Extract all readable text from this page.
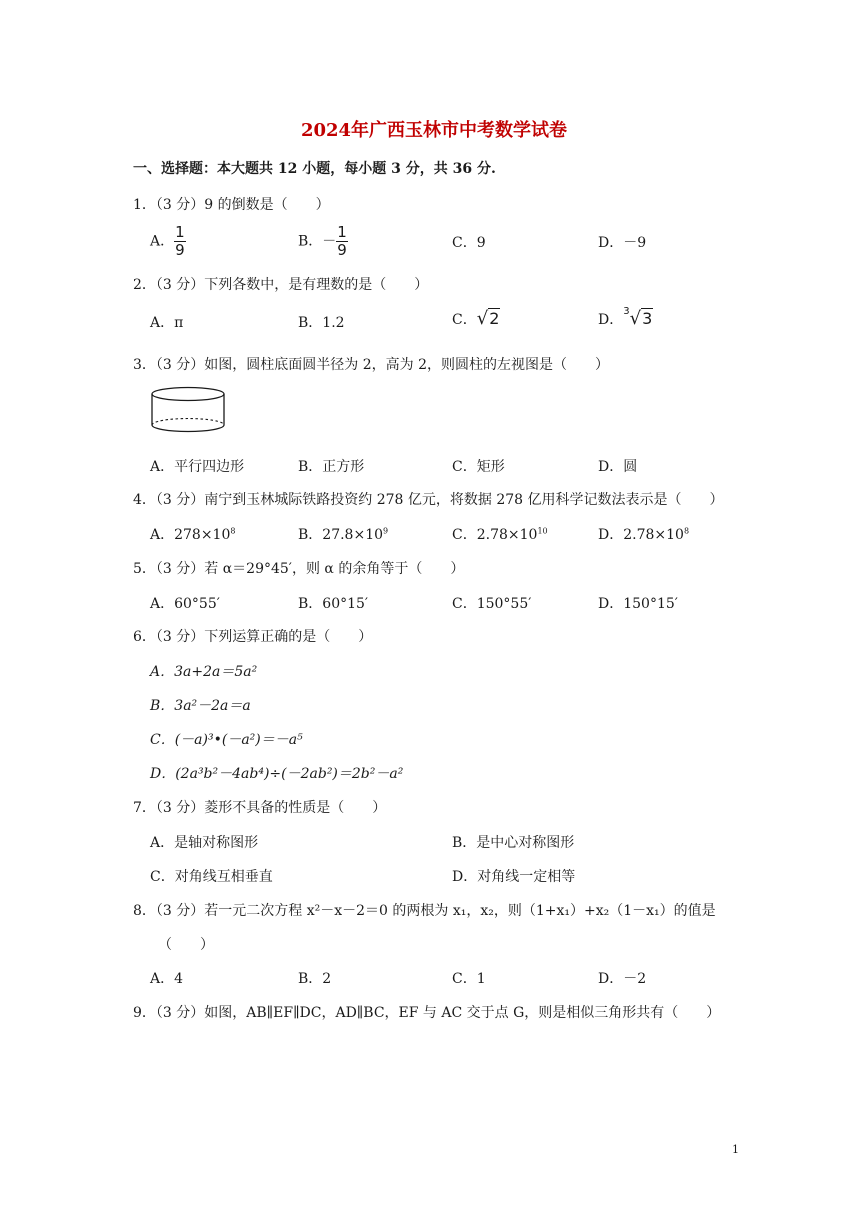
2024年广西玉林市中考数学试卷
一、选择题：本大题共 12 小题，每小题 3 分，共 36 分.
1．（3 分）9 的倒数是（　　）
A． $\frac{1}{9}$	B．－ $\frac{1}{9}$	C．9	D．－9
2．（3 分）下列各数中，是有理数的是（　　）
A．π	B．1.2	C．√2	D．$^3$√3
3．（3 分）如图，圆柱底面圆半径为 2，高为 2，则圆柱的左视图是（　　）
A．平行四边形	B．正方形	C．矩形	D．圆
4．（3 分）南宁到玉林城际铁路投资约 278 亿元，将数据 278 亿用科学记数法表示是（　　）
A．$278\times 10^8$	B．$27.8\times 10^9$	C．$2.78\times 10^{10}$	D．$2.78\times 10^8$
5．（3 分）若 α＝29°45′，则 α 的余角等于（　　）
A．60°55′	B．60°15′	C．150°55′	D．150°15′
6．（3 分）下列运算正确的是（　　）
A．3a+2a＝5a²
B．3a²－2a＝a
C．(－a)³•(－a²)＝－a⁵
D．(2a³b²－4ab⁴)÷(－2ab²)＝2b²－a²
7．（3 分）菱形不具备的性质是（　　）
A．是轴对称图形	B．是中心对称图形
C．对角线互相垂直	D．对角线一定相等
8．（3 分）若一元二次方程 x²－x－2＝0 的两根为 x₁，x₂，则（1+x₁）+x₂（1－x₁）的值是
（　　）
A．4	B．2	C．1	D．－2
9．（3 分）如图，AB∥EF∥DC，AD∥BC，EF 与 AC 交于点 G，则是相似三角形共有（　　）
1
